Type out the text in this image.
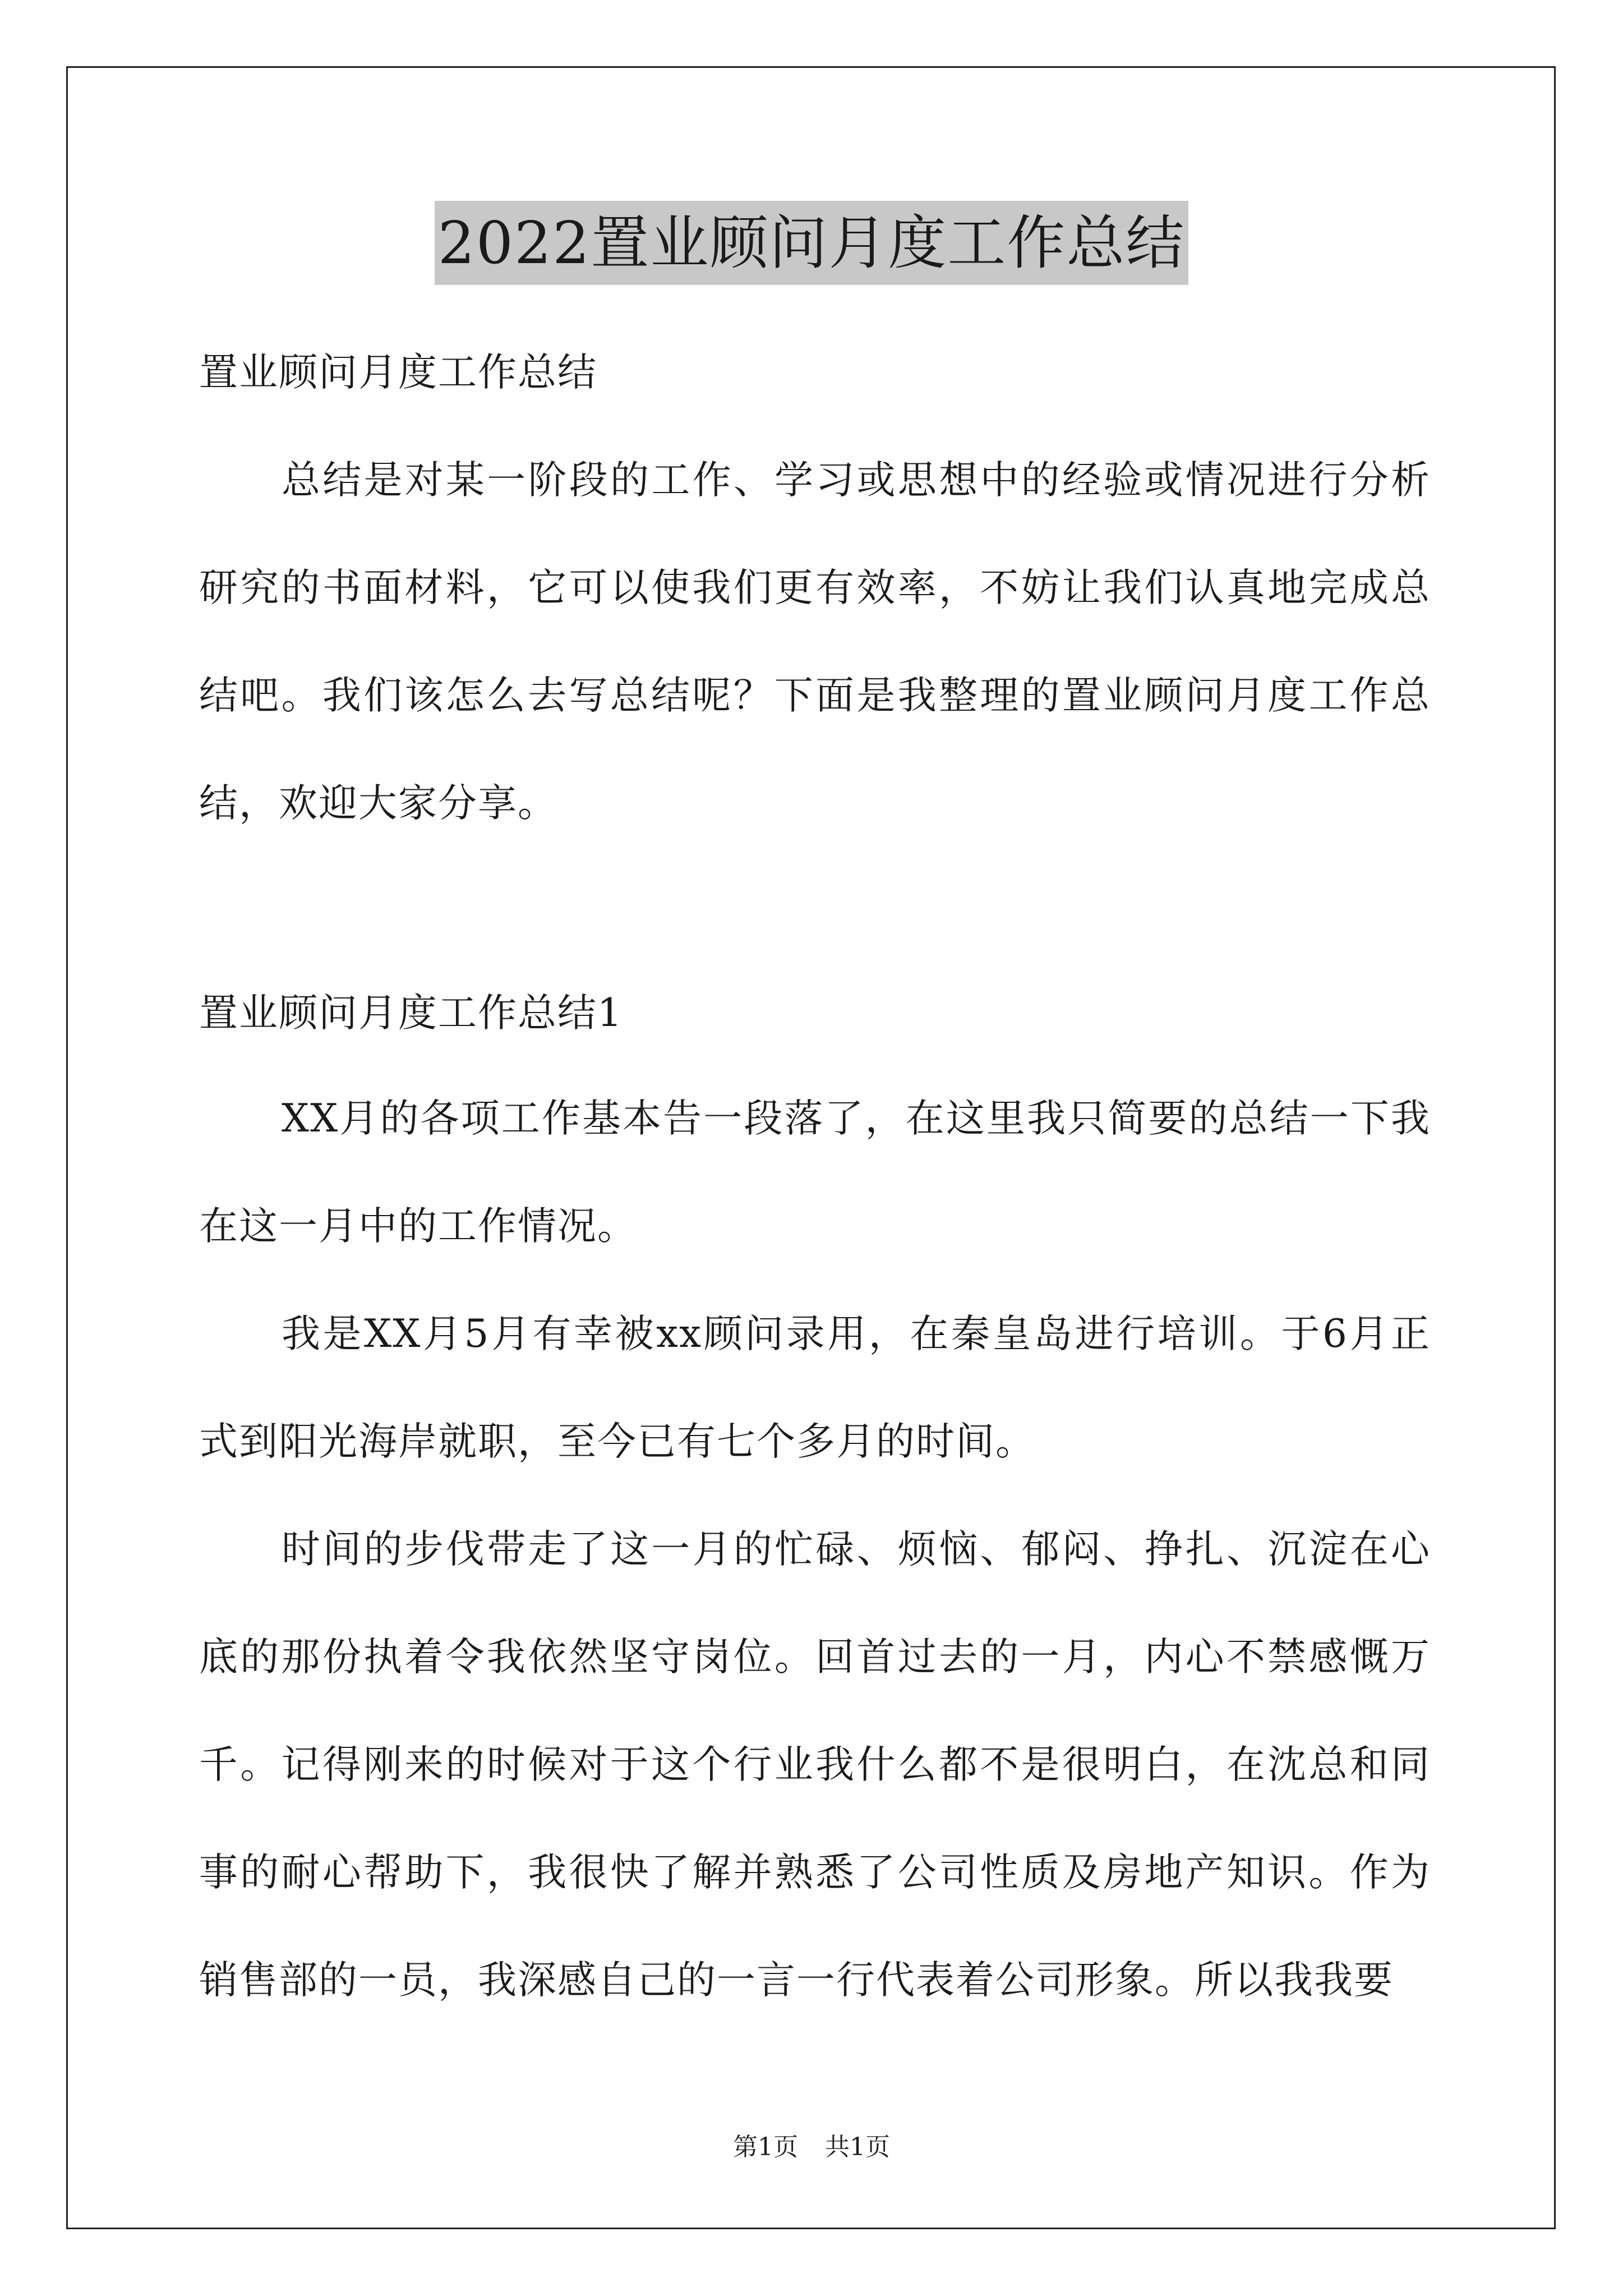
2022置业顾问月度工作总结

置业顾问月度工作总结

总结是对某一阶段的工作、学习或思想中的经验或情况进行分析研究的书面材料，它可以使我们更有效率，不妨让我们认真地完成总结吧。我们该怎么去写总结呢？下面是我整理的置业顾问月度工作总结，欢迎大家分享。

置业顾问月度工作总结1

XX月的各项工作基本告一段落了，在这里我只简要的总结一下我在这一月中的工作情况。

我是XX月5月有幸被xx顾问录用，在秦皇岛进行培训。于6月正式到阳光海岸就职，至今已有七个多月的时间。

时间的步伐带走了这一月的忙碌、烦恼、郁闷、挣扎、沉淀在心底的那份执着令我依然坚守岗位。回首过去的一月，内心不禁感慨万千。记得刚来的时候对于这个行业我什么都不是很明白，在沈总和同事的耐心帮助下，我很快了解并熟悉了公司性质及房地产知识。作为销售部的一员，我深感自己的一言一行代表着公司形象。所以我我要

第1页 共1页
